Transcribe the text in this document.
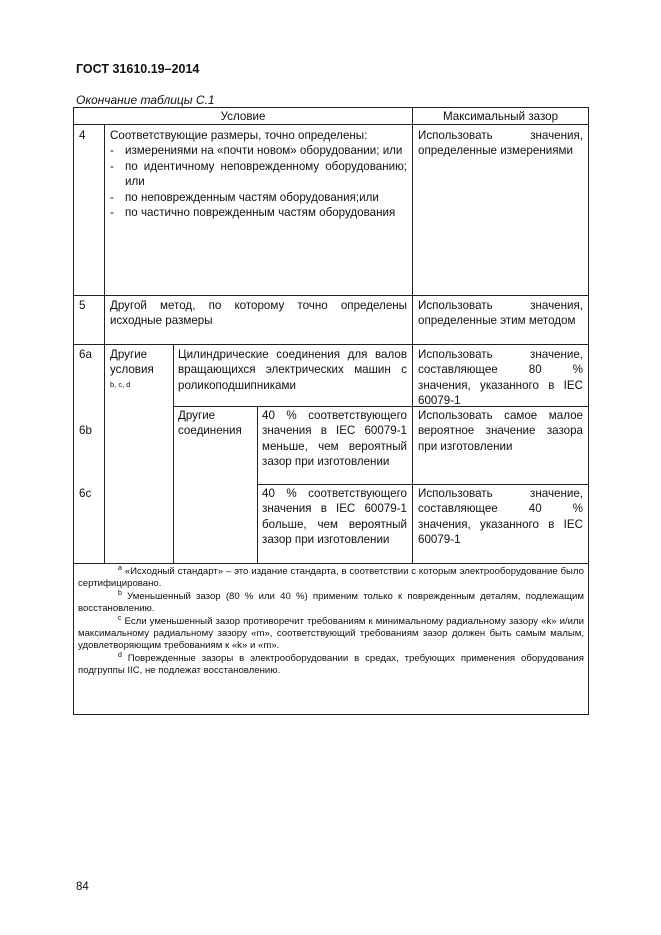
ГОСТ 31610.19–2014
Окончание таблицы С.1
Условие	Максимальный зазор
4 Соответствующие размеры, точно определены:
- измерениями на «почти новом» оборудовании; или
- по идентичному неповрежденному оборудованию; или
- по неповрежденным частям оборудования;или
- по частично поврежденным частям оборудования
Использовать значения, определенные измерениями
5 Другой метод, по которому точно определены исходные размеры
Использовать значения, определенные этим методом
6a Другие условия
b, c, d
Цилиндрические соединения для валов вращающихся электрических машин с роликоподшипниками
Использовать значение, составляющее 80 % значения, указанного в IEC 60079-1
6b
Другие соединения
40 % соответствующего значения в IEC 60079-1 меньше, чем вероятный зазор при изготовлении
Использовать самое малое вероятное значение зазора при изготовлении
6c	40 % соответствующего значения в IEC 60079-1 больше, чем вероятный зазор при изготовлении
Использовать значение, составляющее 40 % значения, указанного в IEC 60079-1

$^а$ «Исходный стандарт» – это издание стандарта, в соответствии с которым электрооборудование было сертифицировано.

$^b$ Уменьшенный зазор (80 % или 40 %) применим только к поврежденным деталям, подлежащим восстановлению.

$^c$ Если уменьшенный зазор противоречит требованиям к минимальному радиальному зазору «k» и/или максимальному радиальному зазору «m», соответствующий требованиям зазор должен быть самым малым, удовлетворяющим требованиям к «k» и «m».

$^d$ Поврежденные зазоры в электрооборудовании в средах, требующих применения оборудования подгруппы IIC, не подлежат восстановлению.

84
